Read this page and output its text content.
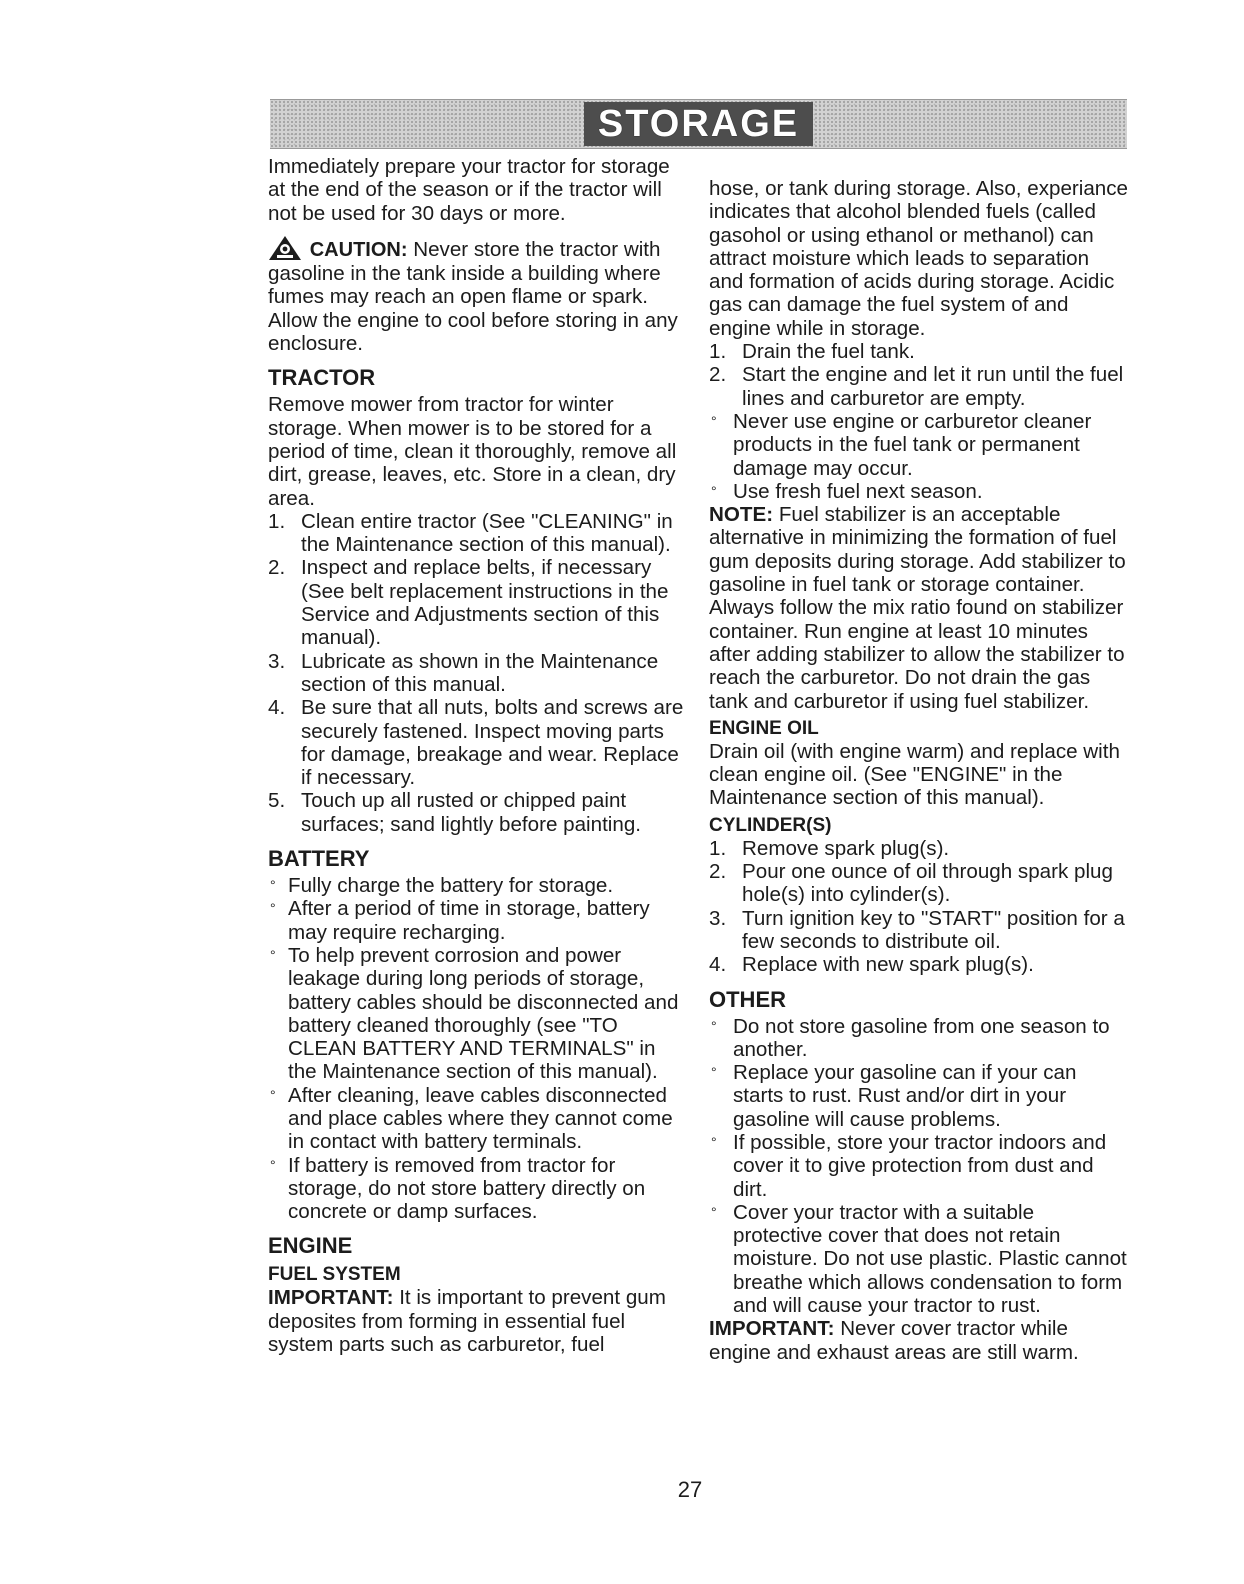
STORAGE

Immediately prepare your tractor for storage at the end of the season or if the tractor will not be used for 30 days or more.

CAUTION: Never store the tractor with gasoline in the tank inside a building where fumes may reach an open flame or spark. Allow the engine to cool before storing in any enclosure.

TRACTOR

Remove mower from tractor for winter storage. When mower is to be stored for a period of time, clean it thoroughly, remove all dirt, grease, leaves, etc. Store in a clean, dry area.

1. Clean entire tractor (See "CLEANING" in the Maintenance section of this manual).
2. Inspect and replace belts, if necessary (See belt replacement instructions in the Service and Adjustments section of this manual).
3. Lubricate as shown in the Maintenance section of this manual.
4. Be sure that all nuts, bolts and screws are securely fastened. Inspect moving parts for damage, breakage and wear. Replace if necessary.
5. Touch up all rusted or chipped paint surfaces; sand lightly before painting.
BATTERY
° Fully charge the battery for storage.
° After a period of time in storage, battery may require recharging.
° To help prevent corrosion and power leakage during long periods of storage, battery cables should be disconnected and battery cleaned thoroughly (see "TO CLEAN BATTERY AND TERMINALS" in the Maintenance section of this manual).
° After cleaning, leave cables disconnected and place cables where they cannot come in contact with battery terminals.
° If battery is removed from tractor for storage, do not store battery directly on concrete or damp surfaces.
ENGINE
FUEL SYSTEM

IMPORTANT: It is important to prevent gum deposites from forming in essential fuel system parts such as carburetor, fuel

hose, or tank during storage. Also, experiance indicates that alcohol blended fuels (called gasohol or using ethanol or methanol) can attract moisture which leads to separation and formation of acids during storage. Acidic gas can damage the fuel system of and engine while in storage.

1. Drain the fuel tank.
2. Start the engine and let it run until the fuel lines and carburetor are empty.
° Never use engine or carburetor cleaner products in the fuel tank or permanent damage may occur.
° Use fresh fuel next season.

NOTE: Fuel stabilizer is an acceptable alternative in minimizing the formation of fuel gum deposits during storage. Add stabilizer to gasoline in fuel tank or storage container. Always follow the mix ratio found on stabilizer container. Run engine at least 10 minutes after adding stabilizer to allow the stabilizer to reach the carburetor. Do not drain the gas tank and carburetor if using fuel stabilizer.

ENGINE OIL

Drain oil (with engine warm) and replace with clean engine oil. (See "ENGINE" in the Maintenance section of this manual).

CYLINDER(S)
1. Remove spark plug(s).
2. Pour one ounce of oil through spark plug hole(s) into cylinder(s).
3. Turn ignition key to "START" position for a few seconds to distribute oil.
4. Replace with new spark plug(s).
OTHER
° Do not store gasoline from one season to another.
° Replace your gasoline can if your can starts to rust. Rust and/or dirt in your gasoline will cause problems.
° If possible, store your tractor indoors and cover it to give protection from dust and dirt.
° Cover your tractor with a suitable protective cover that does not retain moisture. Do not use plastic. Plastic cannot breathe which allows condensation to form and will cause your tractor to rust.

IMPORTANT: Never cover tractor while engine and exhaust areas are still warm.

27
